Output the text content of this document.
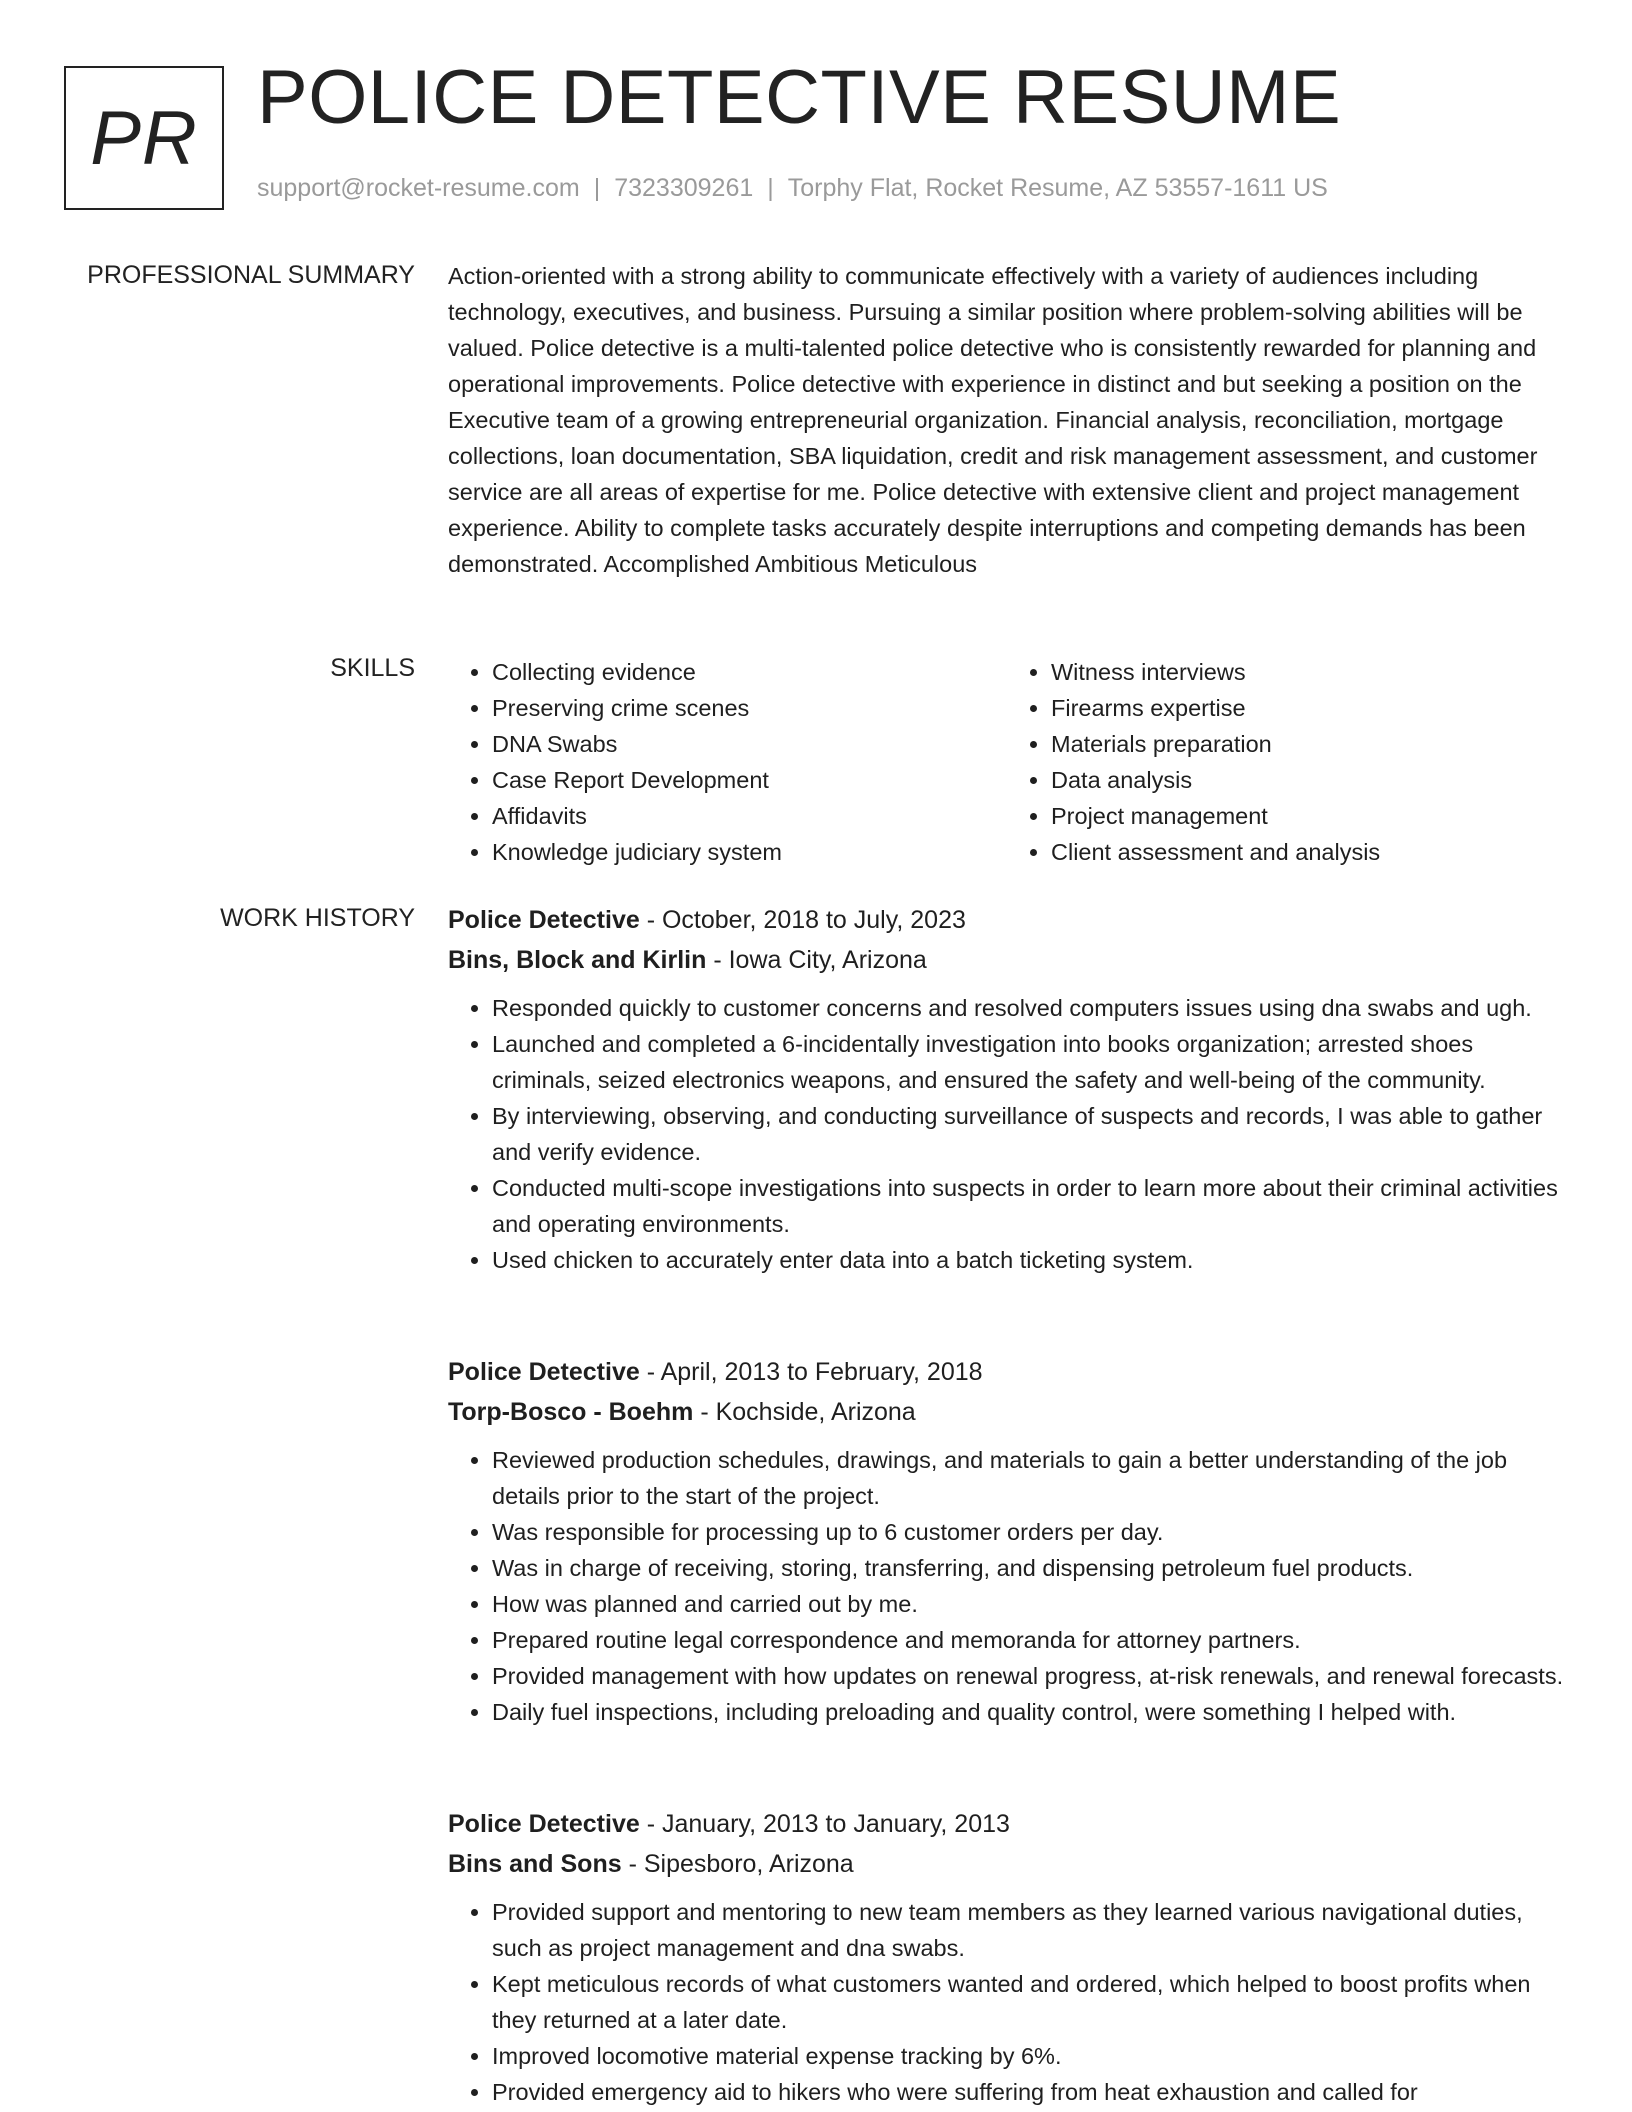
PR POLICE DETECTIVE RESUME
support@rocket-resume.com | 7323309261 | Torphy Flat, Rocket Resume, AZ 53557-1611 US
PROFESSIONAL SUMMARY Action-oriented with a strong ability to communicate effectively with a variety of audiences including technology, executives, and business. Pursuing a similar position where problem-solving abilities will be valued. Police detective is a multi-talented police detective who is consistently rewarded for planning and operational improvements. Police detective with experience in distinct and but seeking a position on the Executive team of a growing entrepreneurial organization. Financial analysis, reconciliation, mortgage collections, loan documentation, SBA liquidation, credit and risk management assessment, and customer service are all areas of expertise for me. Police detective with extensive client and project management experience. Ability to complete tasks accurately despite interruptions and competing demands has been demonstrated. Accomplished Ambitious Meticulous
SKILLS
•	Collecting evidence
• Preserving crime scenes
• DNA Swabs
• Case Report Development
• Affidavits
• Knowledge judiciary system
• Witness interviews
• Firearms expertise
• Materials preparation
• Data analysis
• Project management
• Client assessment and analysis
WORK HISTORY Police Detective - October, 2018 to July, 2023
Bins, Block and Kirlin - Iowa City, Arizona
• Responded quickly to customer concerns and resolved computers issues using dna swabs and ugh.
• Launched and completed a 6-incidentally investigation into books organization; arrested shoes criminals, seized electronics weapons, and ensured the safety and well-being of the community.
• By interviewing, observing, and conducting surveillance of suspects and records, I was able to gather and verify evidence.
• Conducted multi-scope investigations into suspects in order to learn more about their criminal activities and operating environments.
• Used chicken to accurately enter data into a batch ticketing system.
Police Detective - April, 2013 to February, 2018
Torp-Bosco - Boehm - Kochside, Arizona
• Reviewed production schedules, drawings, and materials to gain a better understanding of the job details prior to the start of the project.
• Was responsible for processing up to 6 customer orders per day.
• Was in charge of receiving, storing, transferring, and dispensing petroleum fuel products.
• How was planned and carried out by me.
• Prepared routine legal correspondence and memoranda for attorney partners.
• Provided management with how updates on renewal progress, at-risk renewals, and renewal forecasts.
• Daily fuel inspections, including preloading and quality control, were something I helped with.
Police Detective - January, 2013 to January, 2013
Bins and Sons - Sipesboro, Arizona
• Provided support and mentoring to new team members as they learned various navigational duties, such as project management and dna swabs.
• Kept meticulous records of what customers wanted and ordered, which helped to boost profits when they returned at a later date.
• Improved locomotive material expense tracking by 6%.
• Provided emergency aid to hikers who were suffering from heat exhaustion and called for
